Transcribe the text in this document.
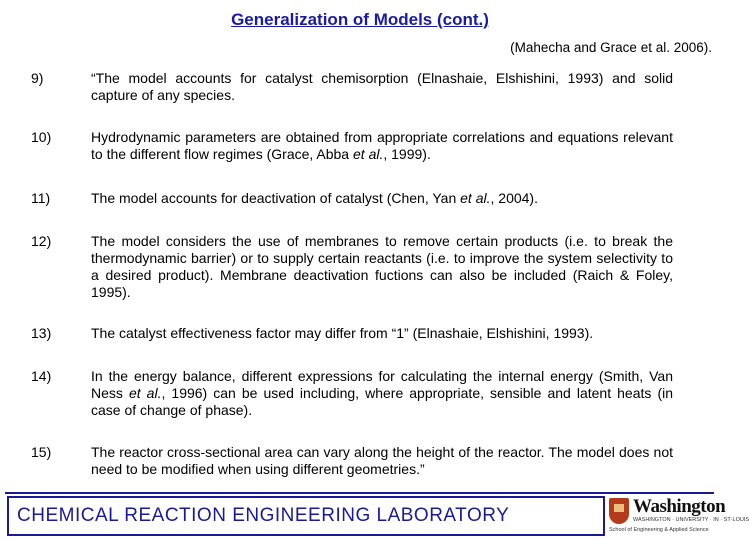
Generalization of Models (cont.)
(Mahecha and Grace et al. 2006).
9)	“The model accounts for catalyst chemisorption (Elnashaie, Elshishini, 1993) and solid capture of any species.
10)	Hydrodynamic parameters are obtained from appropriate correlations and equations relevant to the different flow regimes (Grace, Abba et al., 1999).
11)	The model accounts for deactivation of catalyst (Chen, Yan et al., 2004).
12)	The model considers the use of membranes to remove certain products (i.e. to break the thermodynamic barrier) or to supply certain reactants (i.e. to improve the system selectivity to a desired product). Membrane deactivation fuctions can also be included (Raich & Foley, 1995).
13)	The catalyst effectiveness factor may differ from “1” (Elnashaie, Elshishini, 1993).
14)	In the energy balance, different expressions for calculating the internal energy (Smith, Van Ness et al., 1996) can be used including, where appropriate, sensible and latent heats (in case of change of phase).
15)	The reactor cross-sectional area can vary along the height of the reactor. The model does not need to be modified when using different geometries.”
CHEMICAL REACTION ENGINEERING LABORATORY	Washington
WASHINGTON · UNIVERSITY · IN · ST·LOUIS
School of Engineering & Applied Science
